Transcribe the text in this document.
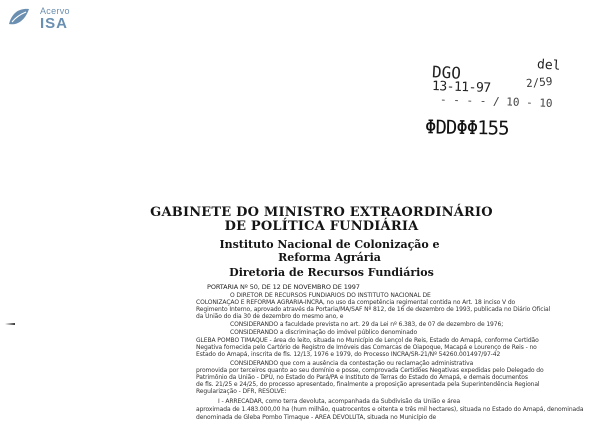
Acervo
ISA
DGO
13-11-97
- - - - / 10 - 10
del
2/59
ΦDDΦΦ155
GABINETE DO MINISTRO EXTRAORDINÁRIO
DE POLÍTICA FUNDIÁRIA
Instituto Nacional de Colonização e
Reforma Agrária
Diretoria de Recursos Fundiários
PORTARIA Nº 50, DE 12 DE NOVEMBRO DE 1997
O DIRETOR DE RECURSOS FUNDIÁRIOS DO INSTITUTO NACIONAL DE
COLONIZAÇÃO E REFORMA AGRÁRIA-INCRA, no uso da competência regimental contida no Art. 18 inciso V do
Regimento Interno, aprovado através da Portaria/MA/SAF Nº 812, de 16 de dezembro de 1993, publicada no Diário Oficial
da União do dia 30 de dezembro do mesmo ano, e
CONSIDERANDO a faculdade prevista no art. 29 da Lei nº 6.383, de 07 de dezembro de 1976;
CONSIDERANDO a discriminação do imóvel público denominado
GLEBA POMBO TIMAQUE - área do leito, situada no Município de Lençol de Reis, Estado do Amapá, conforme Certidão
Negativa fornecida pelo Cartório de Registro de Imóveis das Comarcas de Oiapoque, Macapá e Lourenço de Reis - no
Estado do Amapá, inscrita de fls. 12/13, 1976 e 1979, do Processo INCRA/SR-21/Nº 54260.001497/97-42
CONSIDERANDO que com a ausência da contestação ou reclamação administrativa
promovida por terceiros quanto ao seu domínio e posse, comprovada Certidões Negativas expedidas pelo Delegado do
Patrimônio da União - DPU, no Estado do Pará/PA e Instituto de Terras do Estado do Amapá, e demais documentos
de fls. 21/25 e 24/25, do processo apresentado, finalmente a proposição apresentada pela Superintendência Regional
Regularização - DFR, RESOLVE:
I - ARRECADAR, como terra devoluta, acompanhada da Subdivisão da União e área
aproximada de 1.483.000,00 ha (hum milhão, quatrocentos e oitenta e três mil hectares), situada no Estado do Amapá, denominada
denominada de Gleba Pombo Timaque - ÁREA DEVOLUTA, situada no Município de
